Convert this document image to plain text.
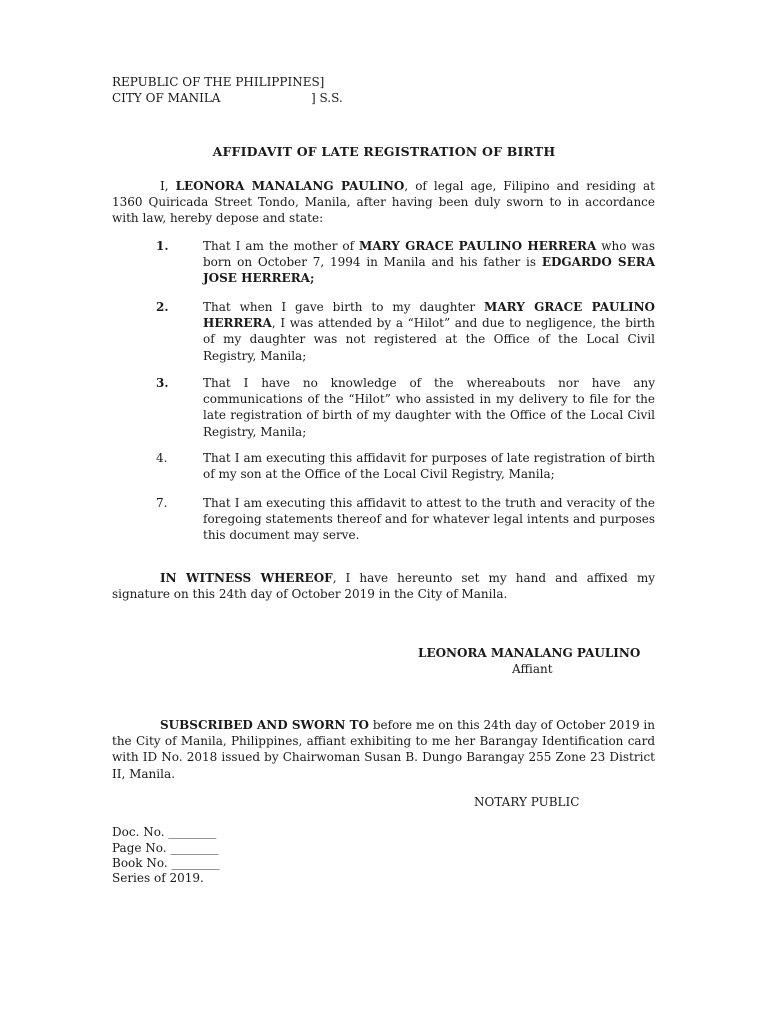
REPUBLIC OF THE PHILIPPINES]
CITY OF MANILA	] S.S.
AFFIDAVIT OF LATE REGISTRATION OF BIRTH
I, LEONORA MANALANG PAULINO, of legal age, Filipino and residing at 1360 Quiricada Street Tondo, Manila, after having been duly sworn to in accordance with law, hereby depose and state:
1.	That I am the mother of MARY GRACE PAULINO HERRERA who was born on October 7, 1994 in Manila and his father is EDGARDO SERA JOSE HERRERA;
2.	That when I gave birth to my daughter MARY GRACE PAULINO HERRERA, I was attended by a “Hilot” and due to negligence, the birth of my daughter was not registered at the Office of the Local Civil Registry, Manila;
3.	That I have no knowledge of the whereabouts nor have any communications of the “Hilot” who assisted in my delivery to file for the late registration of birth of my daughter with the Office of the Local Civil Registry, Manila;
4.	That I am executing this affidavit for purposes of late registration of birth of my son at the Office of the Local Civil Registry, Manila;
7.	That I am executing this affidavit to attest to the truth and veracity of the foregoing statements thereof and for whatever legal intents and purposes this document may serve.
IN WITNESS WHEREOF, I have hereunto set my hand and affixed my signature on this 24th day of October 2019 in the City of Manila.
LEONORA MANALANG PAULINO
Affiant
SUBSCRIBED AND SWORN TO before me on this 24th day of October 2019 in the City of Manila, Philippines, affiant exhibiting to me her Barangay Identification card with ID No. 2018 issued by Chairwoman Susan B. Dungo Barangay 255 Zone 23 District II, Manila.
NOTARY PUBLIC
Doc. No. ________
Page No. ________
Book No. ________
Series of 2019.
